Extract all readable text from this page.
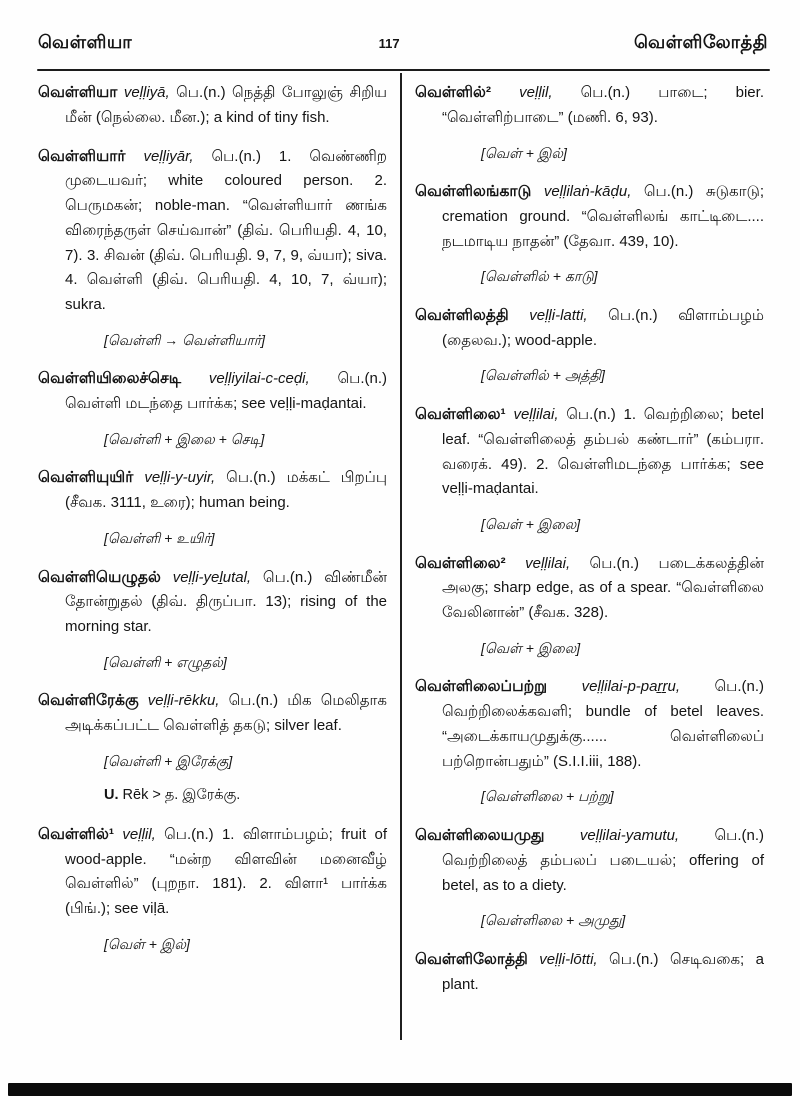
வெள்ளியா	117	வெள்ளிலோத்தி

வெள்ளியா veḷḷiyā, பெ.(n.) நெத்தி போலுஞ் சிறிய மீன் (நெல்லை. மீன.); a kind of tiny fish.

வெள்ளியார் veḷḷiyār, பெ.(n.) 1. வெண்ணிற முடையவர்; white coloured person. 2. பெருமகன்; noble-man. “வெள்ளியார் ணங்க விரைந்தருள் செய்வான்” (திவ். பெரியதி. 4, 10, 7). 3. சிவன் (திவ். பெரியதி. 9, 7, 9, வ்யா); siva. 4. வெள்ளி (திவ். பெரியதி. 4, 10, 7, வ்யா); sukra.

[வெள்ளி → வெள்ளியார்]

வெள்ளியிலைச்செடி veḷḷiyilai-c-ceḍi, பெ.(n.) வெள்ளி மடந்தை பார்க்க; see veḷḷi-maḍantai.

[வெள்ளி + இலை + செடி]

வெள்ளியுயிர் veḷḷi-y-uyir, பெ.(n.) மக்கட் பிறப்பு (சீவக. 3111, உரை); human being.

[வெள்ளி + உயிர்]

வெள்ளியெழுதல் veḷḷi-yeḻutal, பெ.(n.) விண்மீன் தோன்றுதல் (திவ். திருப்பா. 13); rising of the morning star.

[வெள்ளி + எழுதல்]

வெள்ளிரேக்கு veḷḷi-rēkku, பெ.(n.) மிக மெலிதாக அடிக்கப்பட்ட வெள்ளித் தகடு; silver leaf.

[வெள்ளி + இரேக்கு]

U. Rēk > த. இரேக்கு.

வெள்ளில்¹ veḷḷil, பெ.(n.) 1. விளாம்பழம்; fruit of wood-apple. “மன்ற விளவின் மனைவீழ் வெள்ளில்” (புறநா. 181). 2. விளா¹ பார்க்க (பிங்.); see viḷā.

[வெள் + இல்]

வெள்ளில்² veḷḷil, பெ.(n.) பாடை; bier. “வெள்ளிற்பாடை” (மணி. 6, 93).

[வெள் + இல்]

வெள்ளிலங்காடு veḷḷilaṅ-kāḍu, பெ.(n.) சுடுகாடு; cremation ground. “வெள்ளிலங் காட்டிடை.... நடமாடிய நாதன்” (தேவா. 439, 10).

[வெள்ளில் + காடு]

வெள்ளிலத்தி veḷḷi-latti, பெ.(n.) விளாம்பழம் (தைலவ.); wood-apple.

[வெள்ளில் + அத்தி]

வெள்ளிலை¹ veḷḷilai, பெ.(n.) 1. வெற்றிலை; betel leaf. “வெள்ளிலைத் தம்பல் கண்டார்” (கம்பரா. வரைக். 49). 2. வெள்ளிமடந்தை பார்க்க; see veḷḷi-maḍantai.

[வெள் + இலை]

வெள்ளிலை² veḷḷilai, பெ.(n.) படைக்கலத்தின் அலகு; sharp edge, as of a spear. “வெள்ளிலை வேலினான்” (சீவக. 328).

[வெள் + இலை]

வெள்ளிலைப்பற்று veḷḷilai-p-paṟṟu, பெ.(n.) வெற்றிலைக்கவளி; bundle of betel leaves. “அடைக்காயமுதுக்கு...... வெள்ளிலைப் பற்றொன்பதும்” (S.I.I.iii, 188).

[வெள்ளிலை + பற்று]

வெள்ளிலையமுது veḷḷilai-yamutu, பெ.(n.) வெற்றிலைத் தம்பலப் படையல்; offering of betel, as to a diety.

[வெள்ளிலை + அமுது]

வெள்ளிலோத்தி veḷḷi-lōtti, பெ.(n.) செடிவகை; a plant.
